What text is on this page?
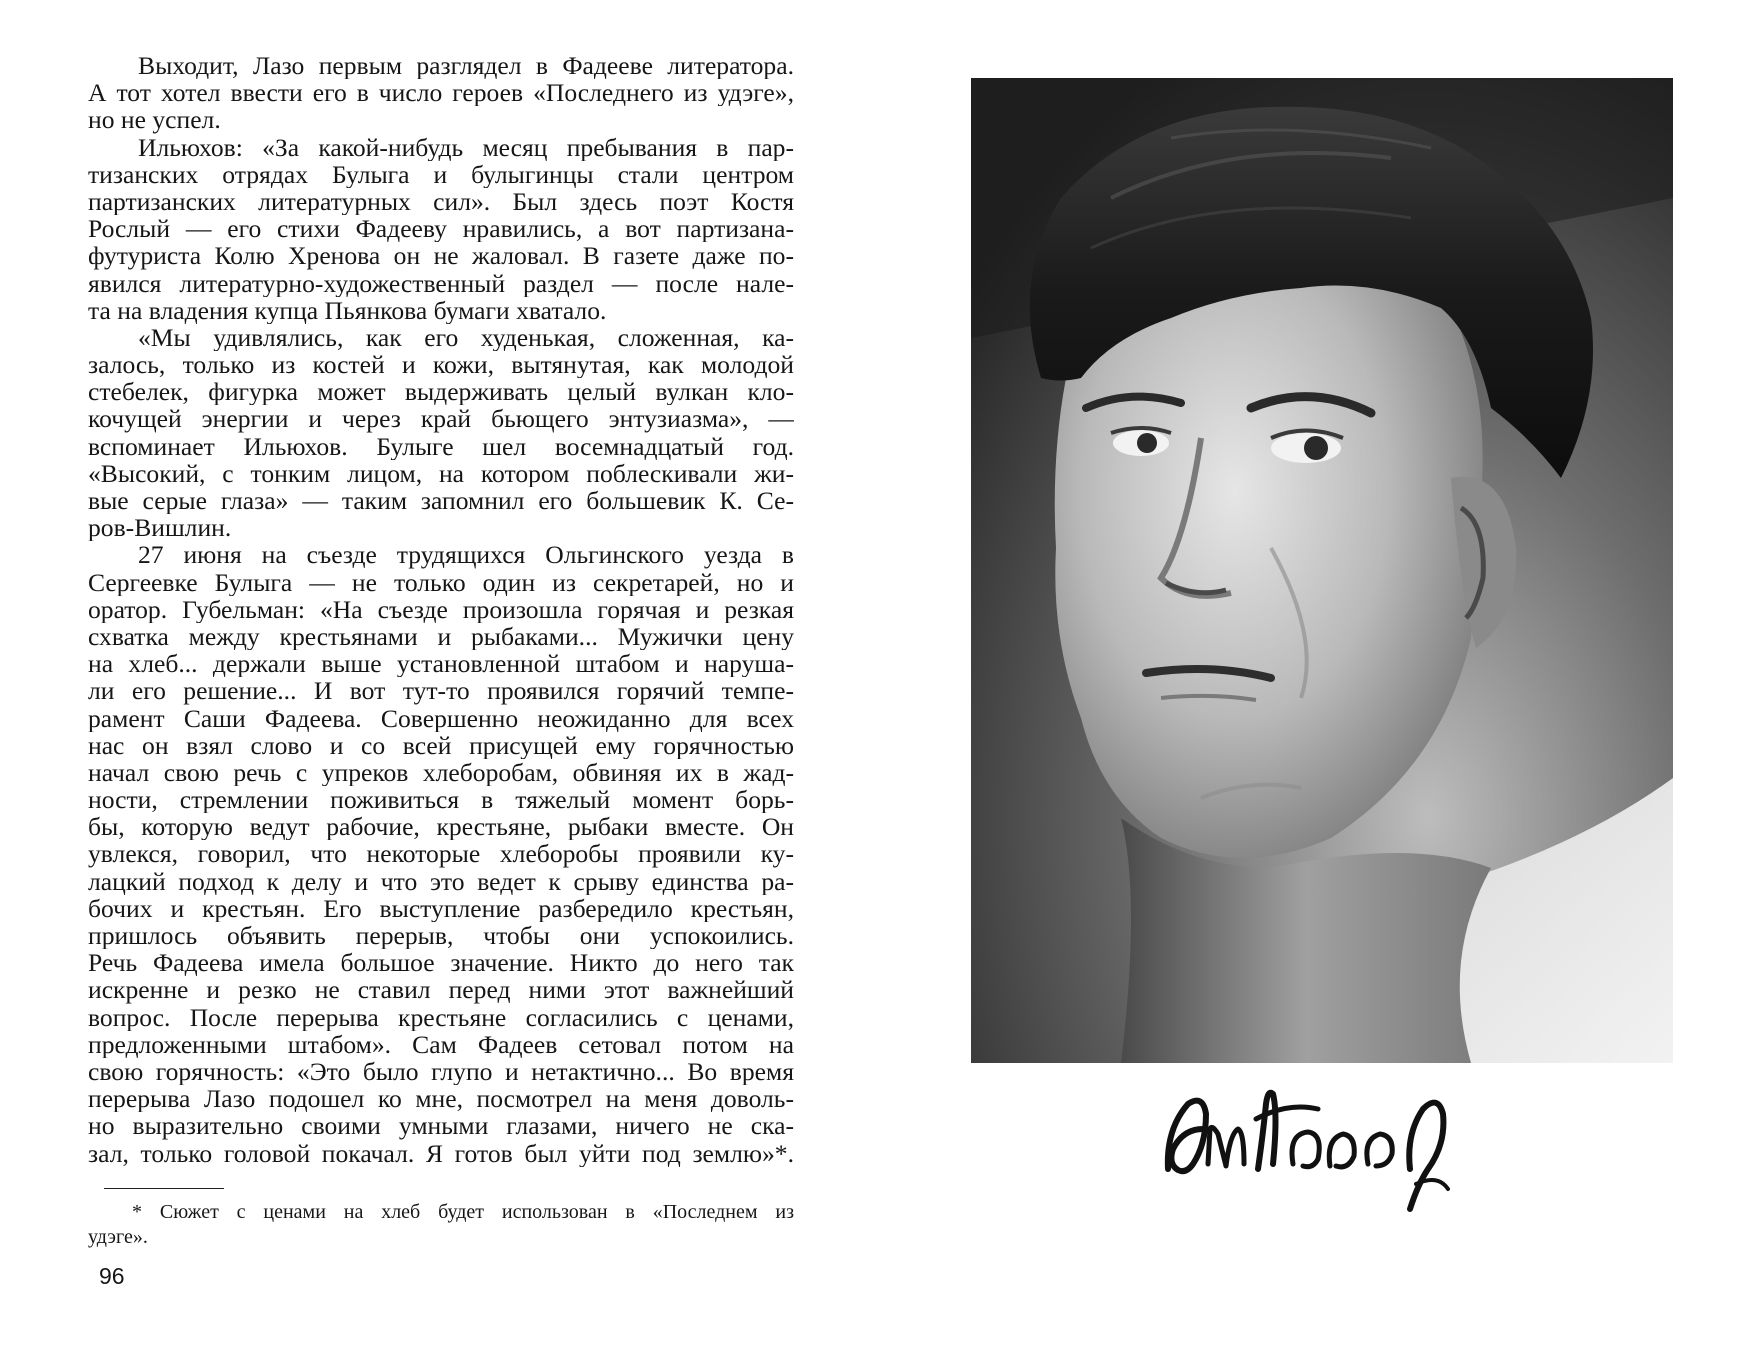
Выходит, Лазо первым разглядел в Фадееве литератора.
А тот хотел ввести его в число героев «Последнего из удэге»,
но не успел.
Ильюхов: «За какой-нибудь месяц пребывания в пар-
тизанских отрядах Булыга и булыгинцы стали центром
партизанских литературных сил». Был здесь поэт Костя
Рослый — его стихи Фадееву нравились, а вот партизана-
футуриста Колю Хренова он не жаловал. В газете даже по-
явился литературно-художественный раздел — после нале-
та на владения купца Пьянкова бумаги хватало.
«Мы удивлялись, как его худенькая, сложенная, ка-
залось, только из костей и кожи, вытянутая, как молодой
стебелек, фигурка может выдерживать целый вулкан кло-
кочущей энергии и через край бьющего энтузиазма», —
вспоминает Ильюхов. Булыге шел восемнадцатый год.
«Высокий, с тонким лицом, на котором поблескивали жи-
вые серые глаза» — таким запомнил его большевик К. Се-
ров-Вишлин.
27 июня на съезде трудящихся Ольгинского уезда в
Сергеевке Булыга — не только один из секретарей, но и
оратор. Губельман: «На съезде произошла горячая и резкая
схватка между крестьянами и рыбаками... Мужички цену
на хлеб... держали выше установленной штабом и наруша-
ли его решение... И вот тут-то проявился горячий темпе-
рамент Саши Фадеева. Совершенно неожиданно для всех
нас он взял слово и со всей присущей ему горячностью
начал свою речь с упреков хлеборобам, обвиняя их в жад-
ности, стремлении поживиться в тяжелый момент борь-
бы, которую ведут рабочие, крестьяне, рыбаки вместе. Он
увлекся, говорил, что некоторые хлеборобы проявили ку-
лацкий подход к делу и что это ведет к срыву единства ра-
бочих и крестьян. Его выступление разбередило крестьян,
пришлось объявить перерыв, чтобы они успокоились.
Речь Фадеева имела большое значение. Никто до него так
искренне и резко не ставил перед ними этот важнейший
вопрос. После перерыва крестьяне согласились с ценами,
предложенными штабом». Сам Фадеев сетовал потом на
свою горячность: «Это было глупо и нетактично... Во время
перерыва Лазо подошел ко мне, посмотрел на меня доволь-
но выразительно своими умными глазами, ничего не ска-
зал, только головой покачал. Я готов был уйти под землю»*.
* Сюжет с ценами на хлеб будет использован в «Последнем из
удэге».
96
